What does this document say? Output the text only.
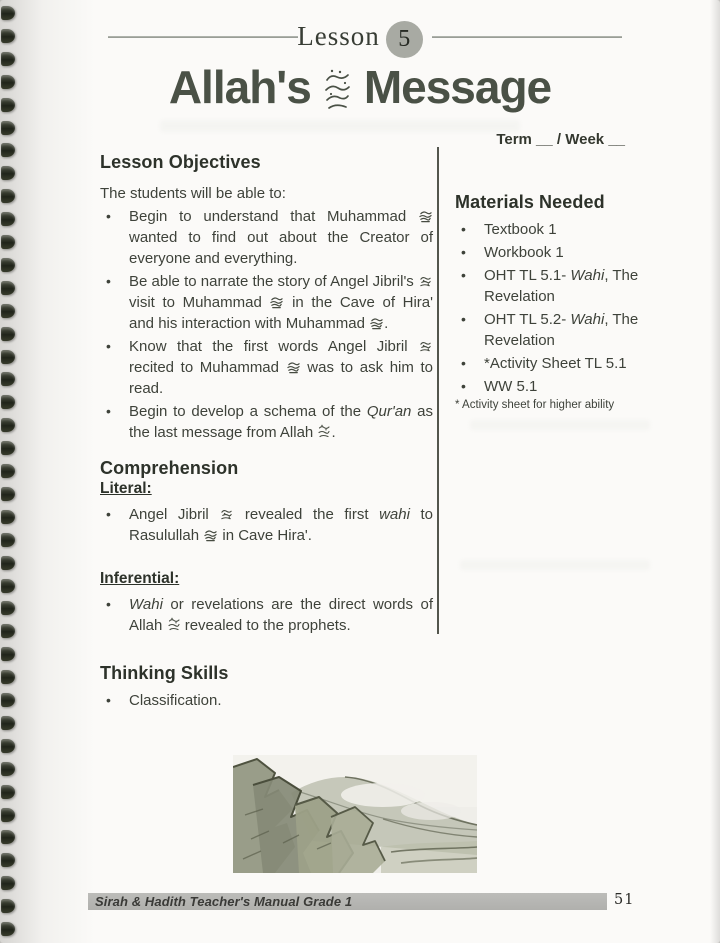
Lesson 5
Allah's Message
Term __ / Week __
Lesson Objectives
The students will be able to:
•	Begin to understand that Muhammad  wanted to find out about the Creator of everyone and everything.
•	Be able to narrate the story of Angel Jibril's  visit to Muhammad  in the Cave of Hira' and his interaction with Muhammad .
•	Know that the first words Angel Jibril  recited to Muhammad  was to ask him to read.
•	Begin to develop a schema of the Qur'an as the last message from Allah .
Comprehension
Literal:
•	Angel Jibril  revealed the first wahi to Rasulullah  in Cave Hira'.
Inferential:
•	Wahi or revelations are the direct words of Allah  revealed to the prophets.
Thinking Skills
•	Classification.
Materials Needed
•	Textbook 1
•	Workbook 1
•	OHT TL 5.1- Wahi, The Revelation
•	OHT TL 5.2- Wahi, The Revelation
•	*Activity Sheet TL 5.1
•	WW 5.1
* Activity sheet for higher ability
Sirah & Hadith Teacher's Manual Grade 1	51
